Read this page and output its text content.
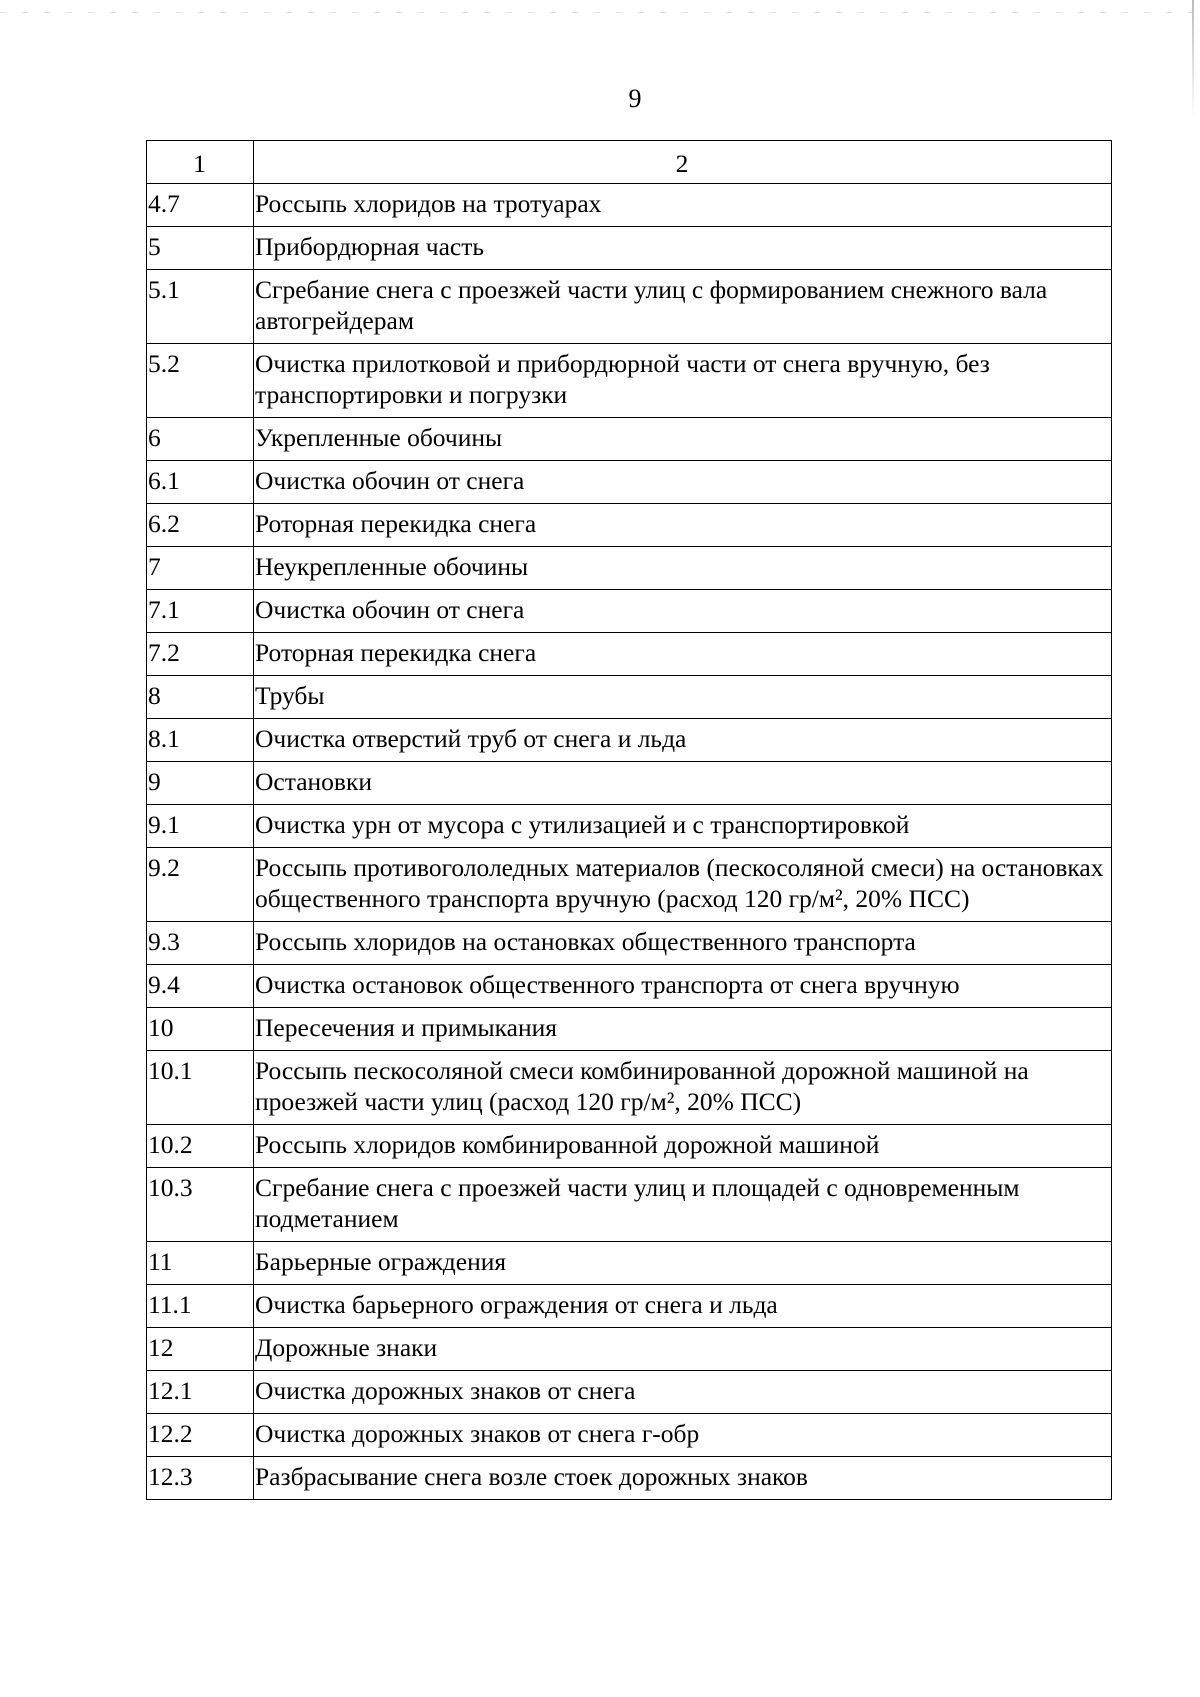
9
1	2
4.7	Россыпь хлоридов на тротуарах
5	Прибордюрная часть
5.1	Сгребание снега с проезжей части улиц с формированием снежного вала автогрейдерам
5.2	Очистка прилотковой и прибордюрной части от снега вручную, без транспортировки и погрузки
6	Укрепленные обочины
6.1	Очистка обочин от снега
6.2	Роторная перекидка снега
7	Неукрепленные обочины
7.1	Очистка обочин от снега
7.2	Роторная перекидка снега
8	Трубы
8.1	Очистка отверстий труб от снега и льда
9	Остановки
9.1	Очистка урн от мусора с утилизацией и с транспортировкой
9.2	Россыпь противогололедных материалов (пескосоляной смеси) на остановках общественного транспорта вручную (расход 120 гр/м², 20% ПСС)
9.3	Россыпь хлоридов на остановках общественного транспорта
9.4	Очистка остановок общественного транспорта от снега вручную
10	Пересечения и примыкания
10.1	Россыпь пескосоляной смеси комбинированной дорожной машиной на проезжей части улиц (расход 120 гр/м², 20% ПСС)
10.2	Россыпь хлоридов комбинированной дорожной машиной
10.3	Сгребание снега с проезжей части улиц и площадей с одновременным подметанием
11	Барьерные ограждения
11.1	Очистка барьерного ограждения от снега и льда
12	Дорожные знаки
12.1	Очистка дорожных знаков от снега
12.2	Очистка дорожных знаков от снега г-обр
12.3	Разбрасывание снега возле стоек дорожных знаков
